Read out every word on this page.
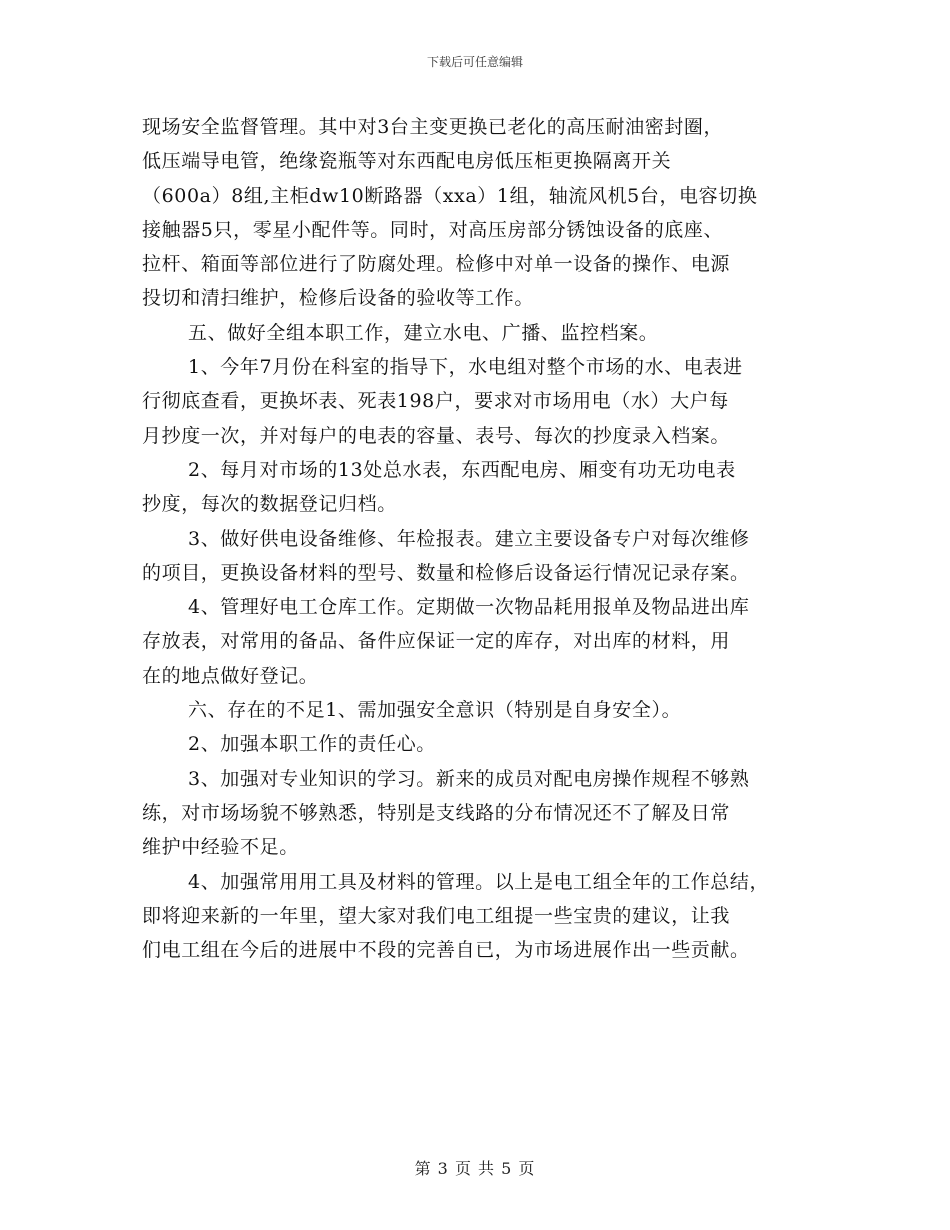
下载后可任意编辑
现场安全监督管理。其中对3台主变更换已老化的高压耐油密封圈，
低压端导电管，绝缘瓷瓶等对东西配电房低压柜更换隔离开关
（600a）8组,主柜dw10断路器（xxa）1组，轴流风机5台，电容切换
接触器5只，零星小配件等。同时，对高压房部分锈蚀设备的底座、
拉杆、箱面等部位进行了防腐处理。检修中对单一设备的操作、电源
投切和清扫维护，检修后设备的验收等工作。
五、做好全组本职工作，建立水电、广播、监控档案。
1、今年7月份在科室的指导下，水电组对整个市场的水、电表进
行彻底查看，更换坏表、死表198户，要求对市场用电（水）大户每
月抄度一次，并对每户的电表的容量、表号、每次的抄度录入档案。
2、每月对市场的13处总水表，东西配电房、厢变有功无功电表
抄度，每次的数据登记归档。
3、做好供电设备维修、年检报表。建立主要设备专户对每次维修
的项目，更换设备材料的型号、数量和检修后设备运行情况记录存案。
4、管理好电工仓库工作。定期做一次物品耗用报单及物品进出库
存放表，对常用的备品、备件应保证一定的库存，对出库的材料，用
在的地点做好登记。
六、存在的不足1、需加强安全意识（特别是自身安全）。
2、加强本职工作的责任心。
3、加强对专业知识的学习。新来的成员对配电房操作规程不够熟
练，对市场场貌不够熟悉，特别是支线路的分布情况还不了解及日常
维护中经验不足。
4、加强常用用工具及材料的管理。以上是电工组全年的工作总结，
即将迎来新的一年里，望大家对我们电工组提一些宝贵的建议，让我
们电工组在今后的进展中不段的完善自已，为市场进展作出一些贡献。
第 3 页 共 5 页
